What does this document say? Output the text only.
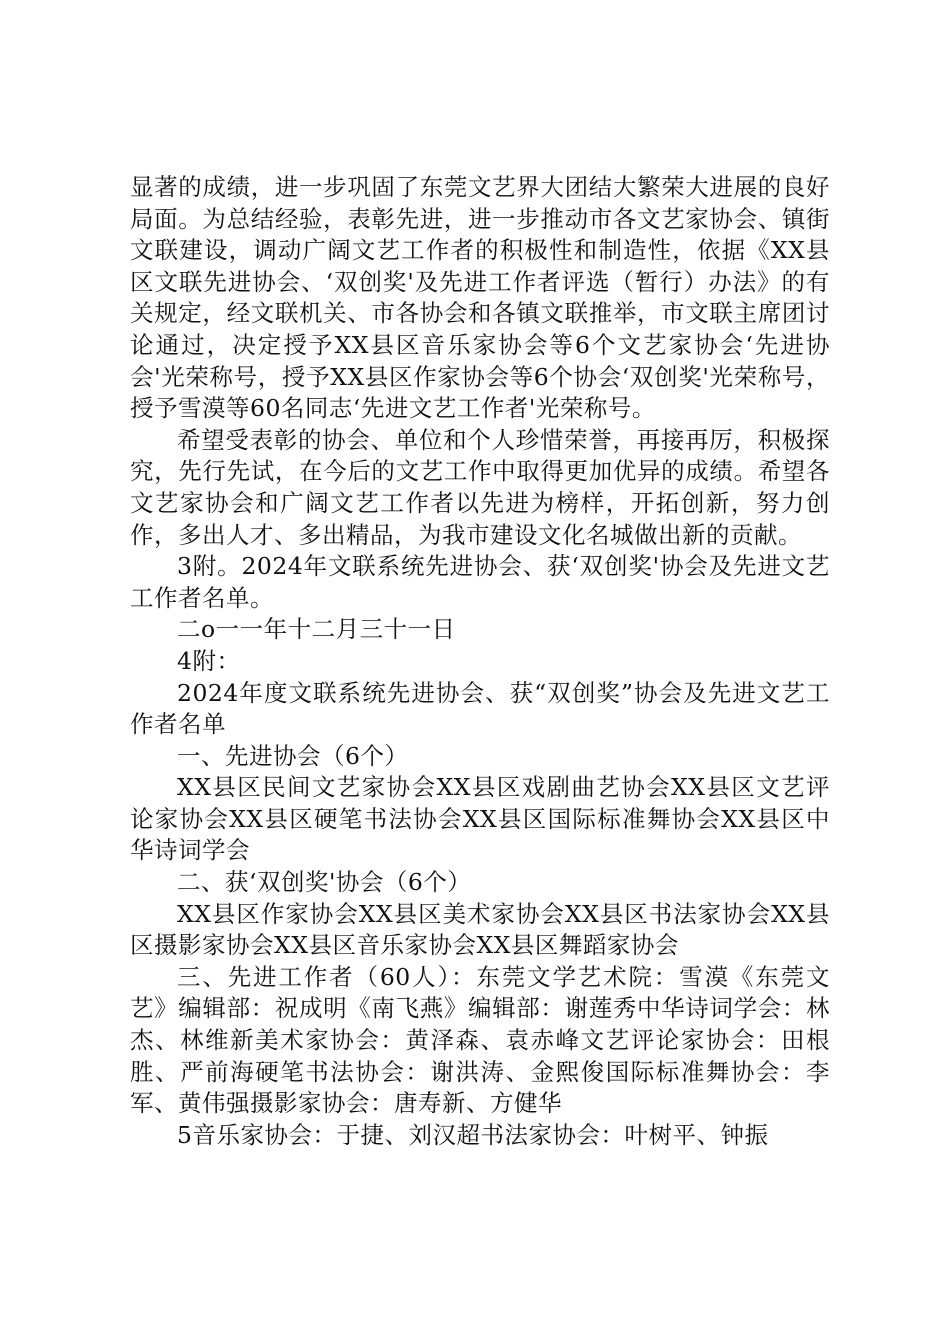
显著的成绩，进一步巩固了东莞文艺界大团结大繁荣大进展的良好局面。为总结经验，表彰先进，进一步推动市各文艺家协会、镇街文联建设，调动广阔文艺工作者的积极性和制造性，依据《XX县区文联先进协会、‘双创奖'及先进工作者评选（暂行）办法》的有关规定，经文联机关、市各协会和各镇文联推举，市文联主席团讨论通过，决定授予XX县区音乐家协会等6个文艺家协会‘先进协会'光荣称号，授予XX县区作家协会等6个协会‘双创奖'光荣称号，授予雪漠等60名同志‘先进文艺工作者'光荣称号。

希望受表彰的协会、单位和个人珍惜荣誉，再接再厉，积极探究，先行先试，在今后的文艺工作中取得更加优异的成绩。希望各文艺家协会和广阔文艺工作者以先进为榜样，开拓创新，努力创作，多出人才、多出精品，为我市建设文化名城做出新的贡献。

3附。2024年文联系统先进协会、获‘双创奖'协会及先进文艺工作者名单。

二o一一年十二月三十一日

4附：

2024年度文联系统先进协会、获“双创奖”协会及先进文艺工作者名单

一、先进协会（6个）

XX县区民间文艺家协会XX县区戏剧曲艺协会XX县区文艺评论家协会XX县区硬笔书法协会XX县区国际标准舞协会XX县区中华诗词学会

二、获‘双创奖'协会（6个）

XX县区作家协会XX县区美术家协会XX县区书法家协会XX县区摄影家协会XX县区音乐家协会XX县区舞蹈家协会

三、先进工作者（60人）：东莞文学艺术院：雪漠《东莞文艺》编辑部：祝成明《南飞燕》编辑部：谢莲秀中华诗词学会：林杰、林维新美术家协会：黄泽森、袁赤峰文艺评论家协会：田根胜、严前海硬笔书法协会：谢洪涛、金熙俊国际标准舞协会：李军、黄伟强摄影家协会：唐寿新、方健华

5音乐家协会：于捷、刘汉超书法家协会：叶树平、钟振
